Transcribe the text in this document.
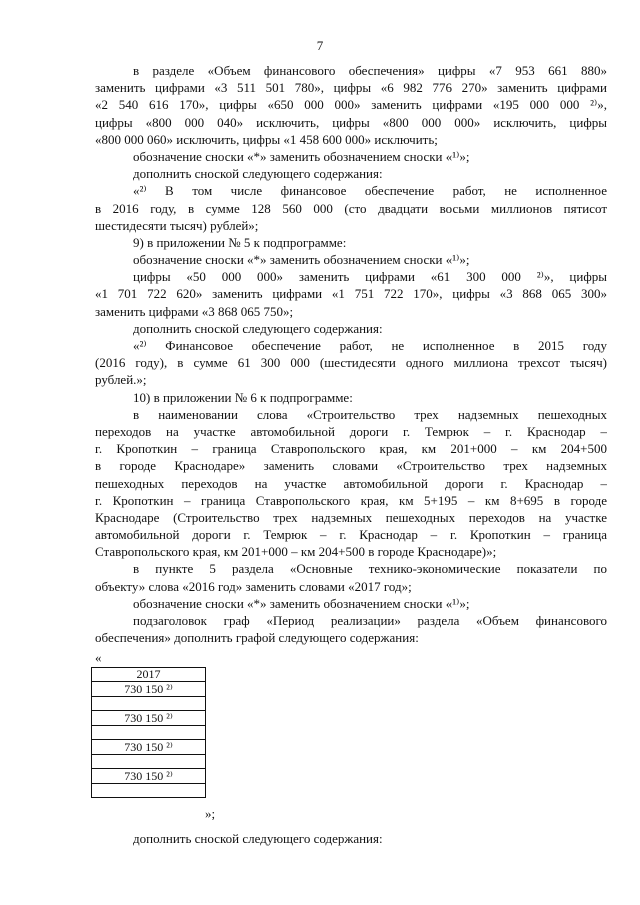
7
в разделе «Объем финансового обеспечения» цифры «7 953 661 880»
заменить цифрами «3 511 501 780», цифры «6 982 776 270» заменить цифрами
«2 540 616 170», цифры «650 000 000» заменить цифрами «195 000 000 ²⁾»,
цифры «800 000 040» исключить, цифры «800 000 000» исключить, цифры
«800 000 060» исключить, цифры «1 458 600 000» исключить;
обозначение сноски «*» заменить обозначением сноски «¹⁾»;
дополнить сноской следующего содержания:
«²⁾ В том числе финансовое обеспечение работ, не исполненное
в 2016 году, в сумме 128 560 000 (сто двадцати восьми миллионов пятисот
шестидесяти тысяч) рублей»;
9) в приложении № 5 к подпрограмме:
обозначение сноски «*» заменить обозначением сноски «¹⁾»;
цифры «50 000 000» заменить цифрами «61 300 000 ²⁾», цифры
«1 701 722 620» заменить цифрами «1 751 722 170», цифры «3 868 065 300»
заменить цифрами «3 868 065 750»;
дополнить сноской следующего содержания:
«²⁾ Финансовое обеспечение работ, не исполненное в 2015 году
(2016 году), в сумме 61 300 000 (шестидесяти одного миллиона трехсот тысяч)
рублей.»;
10) в приложении № 6 к подпрограмме:
в наименовании слова «Строительство трех надземных пешеходных
переходов на участке автомобильной дороги г. Темрюк – г. Краснодар –
г. Кропоткин – граница Ставропольского края, км 201+000 – км 204+500
в городе Краснодаре» заменить словами «Строительство трех надземных
пешеходных переходов на участке автомобильной дороги г. Краснодар –
г. Кропоткин – граница Ставропольского края, км 5+195 – км 8+695 в городе
Краснодаре (Строительство трех надземных пешеходных переходов на участке
автомобильной дороги г. Темрюк – г. Краснодар – г. Кропоткин – граница
Ставропольского края, км 201+000 – км 204+500 в городе Краснодаре)»;
в пункте 5 раздела «Основные технико-экономические показатели по
объекту» слова «2016 год» заменить словами «2017 год»;
обозначение сноски «*» заменить обозначением сноски «¹⁾»;
подзаголовок граф «Период реализации» раздела «Объем финансового
обеспечения» дополнить графой следующего содержания:
«
2017
730 150 ²⁾

730 150 ²⁾

730 150 ²⁾

730 150 ²⁾

»;
дополнить сноской следующего содержания:
